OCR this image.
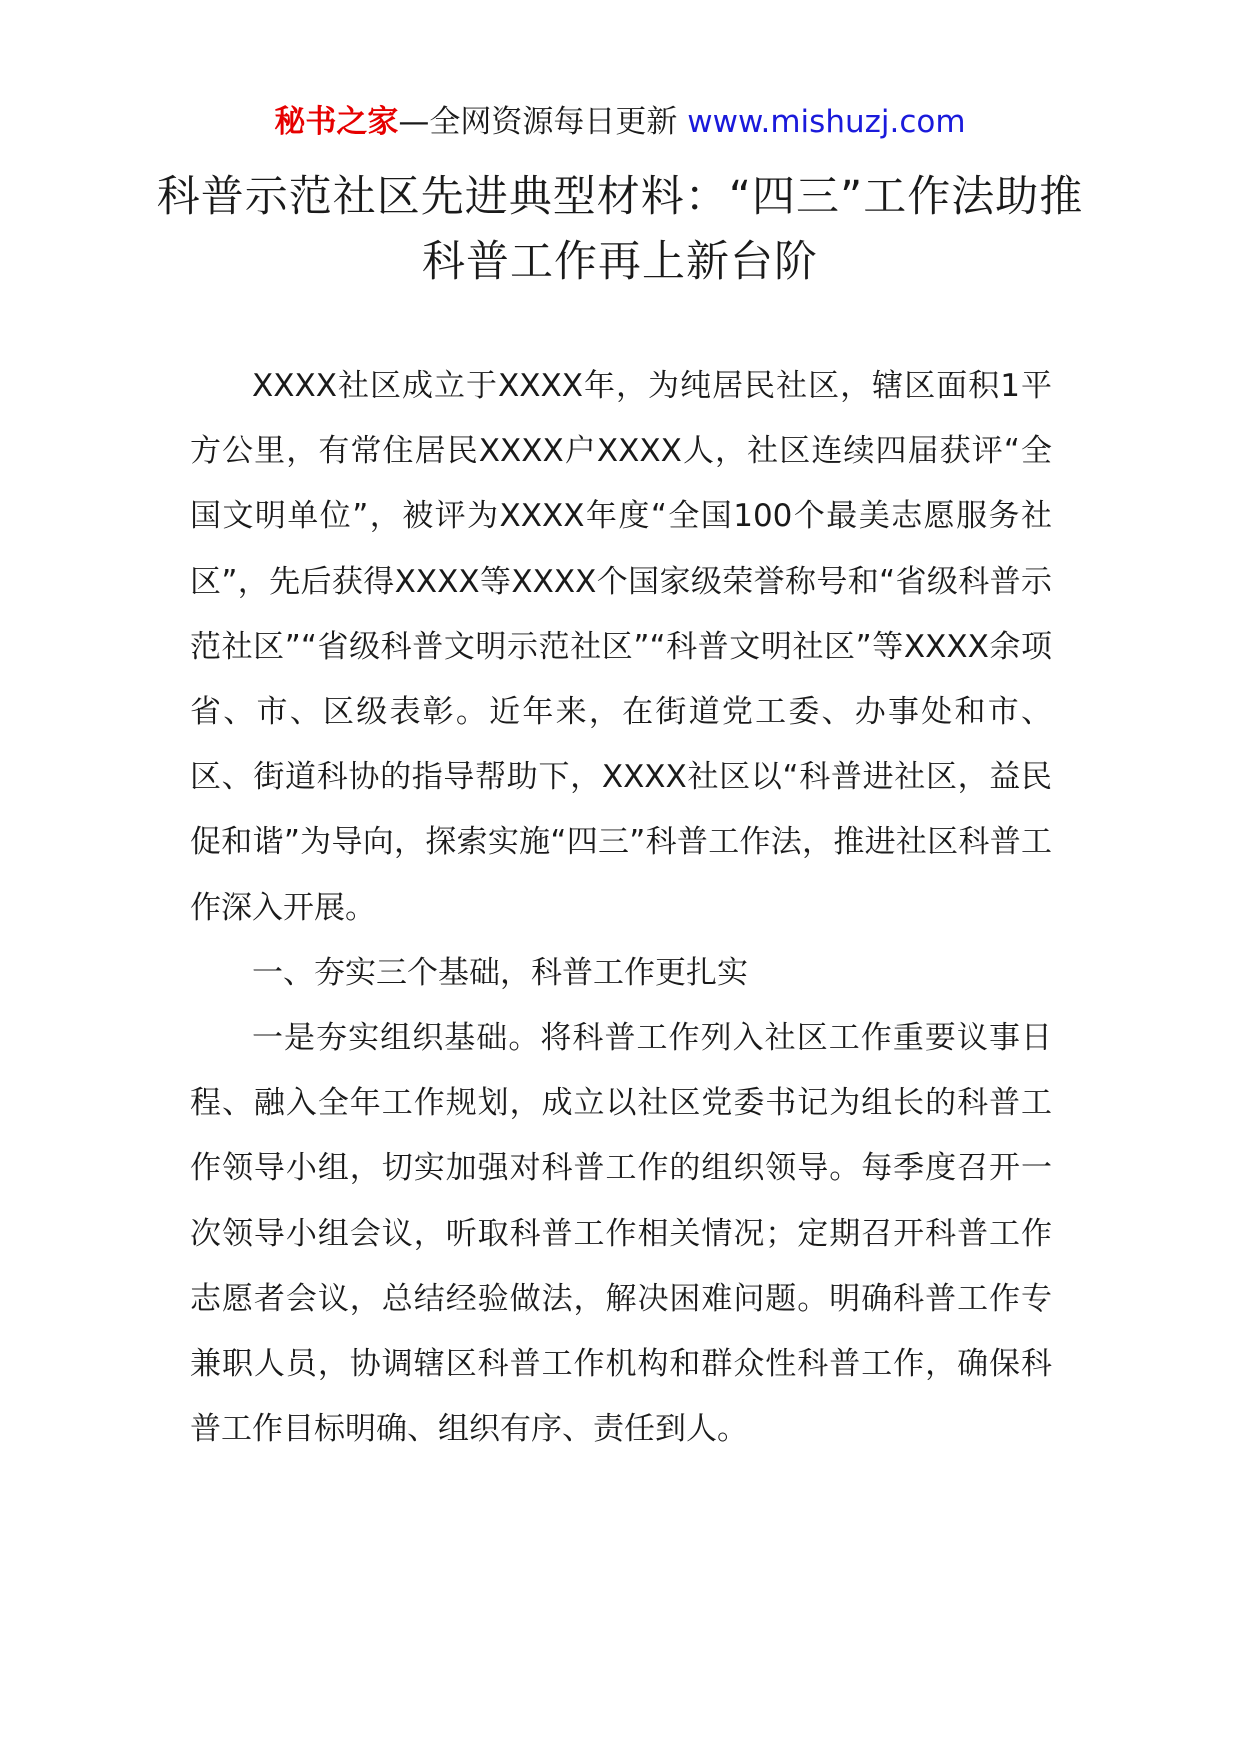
秘书之家—全网资源每日更新 www.mishuzj.com
科普示范社区先进典型材料：“四三”工作法助推科普工作再上新台阶

XXXX社区成立于XXXX年，为纯居民社区，辖区面积1平方公里，有常住居民XXXX户XXXX人，社区连续四届获评“全国文明单位”，被评为XXXX年度“全国100个最美志愿服务社区”，先后获得XXXX等XXXX个国家级荣誉称号和“省级科普示范社区”“省级科普文明示范社区”“科普文明社区”等XXXX余项省、市、区级表彰。近年来，在街道党工委、办事处和市、区、街道科协的指导帮助下，XXXX社区以“科普进社区，益民促和谐”为导向，探索实施“四三”科普工作法，推进社区科普工作深入开展。

一、夯实三个基础，科普工作更扎实

一是夯实组织基础。将科普工作列入社区工作重要议事日程、融入全年工作规划，成立以社区党委书记为组长的科普工作领导小组，切实加强对科普工作的组织领导。每季度召开一次领导小组会议，听取科普工作相关情况；定期召开科普工作志愿者会议，总结经验做法，解决困难问题。明确科普工作专兼职人员，协调辖区科普工作机构和群众性科普工作，确保科普工作目标明确、组织有序、责任到人。
